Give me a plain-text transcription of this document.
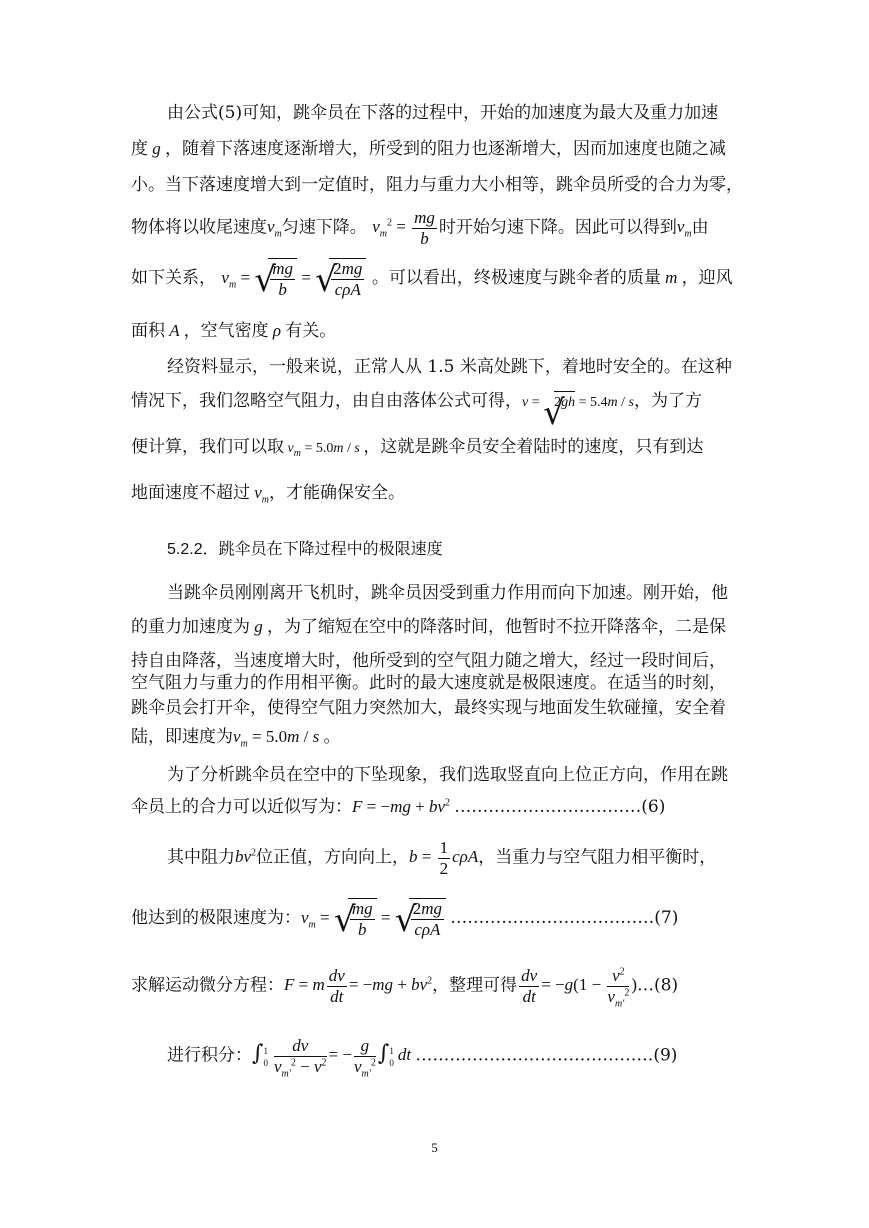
由公式(5)可知，跳伞员在下落的过程中，开始的加速度为最大及重力加速
度 g ，随着下落速度逐渐增大，所受到的阻力也逐渐增大，因而加速度也随之减
小。当下落速度增大到一定值时，阻力与重力大小相等，跳伞员所受的合力为零，
物体将以收尾速度$v_m$匀速下降。 $v_m^2 = \frac{mg}{b}$ 时开始匀速下降。因此可以得到$v_m$由
如下关系， $v_m$ = √ $\frac{mg}{b}$ = √ $\frac{2mg}{\text{cρA}}$ 。可以看出，终极速度与跳伞者的质量 m ，迎风
面积 A ，空气密度 ρ 有关。
经资料显示，一般来说，正常人从 1.5 米高处跳下，着地时安全的。在这种
情况下，我们忽略空气阻力，由自由落体公式可得，v = √ 2gh = 5.4m / s，为了方
便计算，我们可以取 $v_m = 5.0m / s$ ，这就是跳伞员安全着陆时的速度，只有到达
地面速度不超过 $v_m$，才能确保安全。
5.2.2．跳伞员在下降过程中的极限速度
当跳伞员刚刚离开飞机时，跳伞员因受到重力作用而向下加速。刚开始，他
的重力加速度为 g ，为了缩短在空中的降落时间，他暂时不拉开降落伞，二是保
持自由降落，当速度增大时，他所受到的空气阻力随之增大，经过一段时间后，
空气阻力与重力的作用相平衡。此时的最大速度就是极限速度。在适当的时刻，
跳伞员会打开伞，使得空气阻力突然加大，最终实现与地面发生软碰撞，安全着
陆，即速度为$v_m = 5.0m / s$ 。
为了分析跳伞员在空中的下坠现象，我们选取竖直向上位正方向，作用在跳
伞员上的合力可以近似写为：$F = -mg + bv^2$ ……………………………(6)
其中阻力$bv^2$位正值，方向向上，$b = \frac{1}{2}$ cρA，当重力与空气阻力相平衡时，
他达到的极限速度为：$v_m$ = √ $\frac{mg}{b}$ = √ $\frac{2mg}{\text{cρA}}$ ………………………………(7)
求解运动微分方程：F = m $\frac{dv}{dt} = -mg + bv^2$，整理可得 $\frac{dv}{dt} = -g(1 - \frac{v^2}{v_{m'}^2}$ )…(8)
进行积分：∫1
$0 \frac{dv}{v_{m'}^2 - v^2}$ = − $\frac{g}{v_{m'}^2} \int 1$
0 dt ……………………………………(9)
5
